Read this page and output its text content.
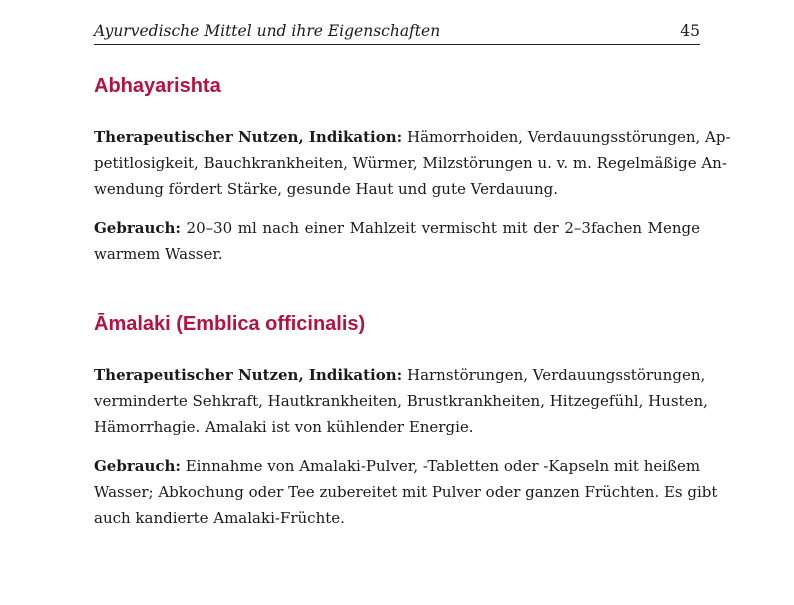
Ayurvedische Mittel und ihre Eigenschaften	45
Abhayarishta

Therapeutischer Nutzen, Indikation: Hämorrhoiden, Verdauungsstörungen, Ap-
petitlosigkeit, Bauchkrankheiten, Würmer, Milzstörungen u. v. m. Regelmäßige An-
wendung fördert Stärke, gesunde Haut und gute Verdauung.

Gebrauch: 20–30 ml nach einer Mahlzeit vermischt mit der 2–3fachen Menge
warmem Wasser.

Āmalaki (Emblica officinalis)

Therapeutischer Nutzen, Indikation: Harnstörungen, Verdauungsstörungen,
verminderte Sehkraft, Hautkrankheiten, Brustkrankheiten, Hitzegefühl, Husten,
Hämorrhagie. Amalaki ist von kühlender Energie.

Gebrauch: Einnahme von Amalaki-Pulver, -Tabletten oder -Kapseln mit heißem
Wasser; Abkochung oder Tee zubereitet mit Pulver oder ganzen Früchten. Es gibt
auch kandierte Amalaki-Früchte.
